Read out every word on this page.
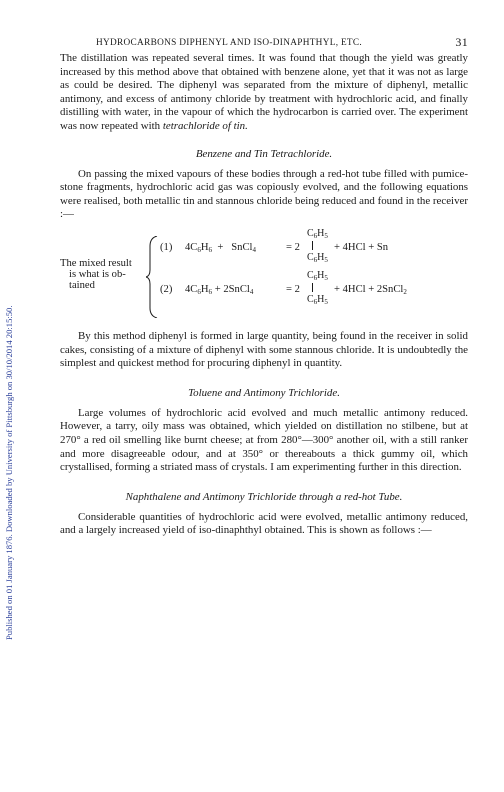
Published on 01 January 1876. Downloaded by University of Pittsburgh on 30/10/2014 20:15:50.
HYDROCARBONS DIPHENYL AND ISO-DINAPHTHYL, ETC.	31

The distillation was repeated several times. It was found that though the yield was greatly increased by this method above that obtained with benzene alone, yet that it was not as large as could be desired. The diphenyl was separated from the mixture of diphenyl, metallic antimony, and excess of antimony chloride by treatment with hydrochloric acid, and finally distilling with water, in the vapour of which the hydrocarbon is carried over. The experiment was now repeated with tetrachloride of tin.

Benzene and Tin Tetrachloride.

On passing the mixed vapours of these bodies through a red-hot tube filled with pumice-stone fragments, hydrochloric acid gas was copiously evolved, and the following equations were realised, both metallic tin and stannous chloride being reduced and found in the receiver :—

The mixed result
is what is ob-
tained
$C_6H_5$
(1) $4C_6H_6$ + SnCl$_4$	= 2	+ 4HCl + Sn
$C_6H_5$
$C_6H_5$
(2) $4C_6H_6$ + 2SnCl$_4$	= 2	+ 4HCl + 2SnCl$_2$
$C_6H_5$

By this method diphenyl is formed in large quantity, being found in the receiver in solid cakes, consisting of a mixture of diphenyl with some stannous chloride. It is undoubtedly the simplest and quickest method for procuring diphenyl in quantity.

Toluene and Antimony Trichloride.

Large volumes of hydrochloric acid evolved and much metallic antimony reduced. However, a tarry, oily mass was obtained, which yielded on distillation no stilbene, but at 270° a red oil smelling like burnt cheese; at from 280°—300° another oil, with a still ranker and more disagreeable odour, and at 350° or thereabouts a thick gummy oil, which crystallised, forming a striated mass of crystals. I am experimenting further in this direction.

Naphthalene and Antimony Trichloride through a red-hot Tube.

Considerable quantities of hydrochloric acid were evolved, metallic antimony reduced, and a largely increased yield of iso-dinaphthyl obtained. This is shown as follows :—
